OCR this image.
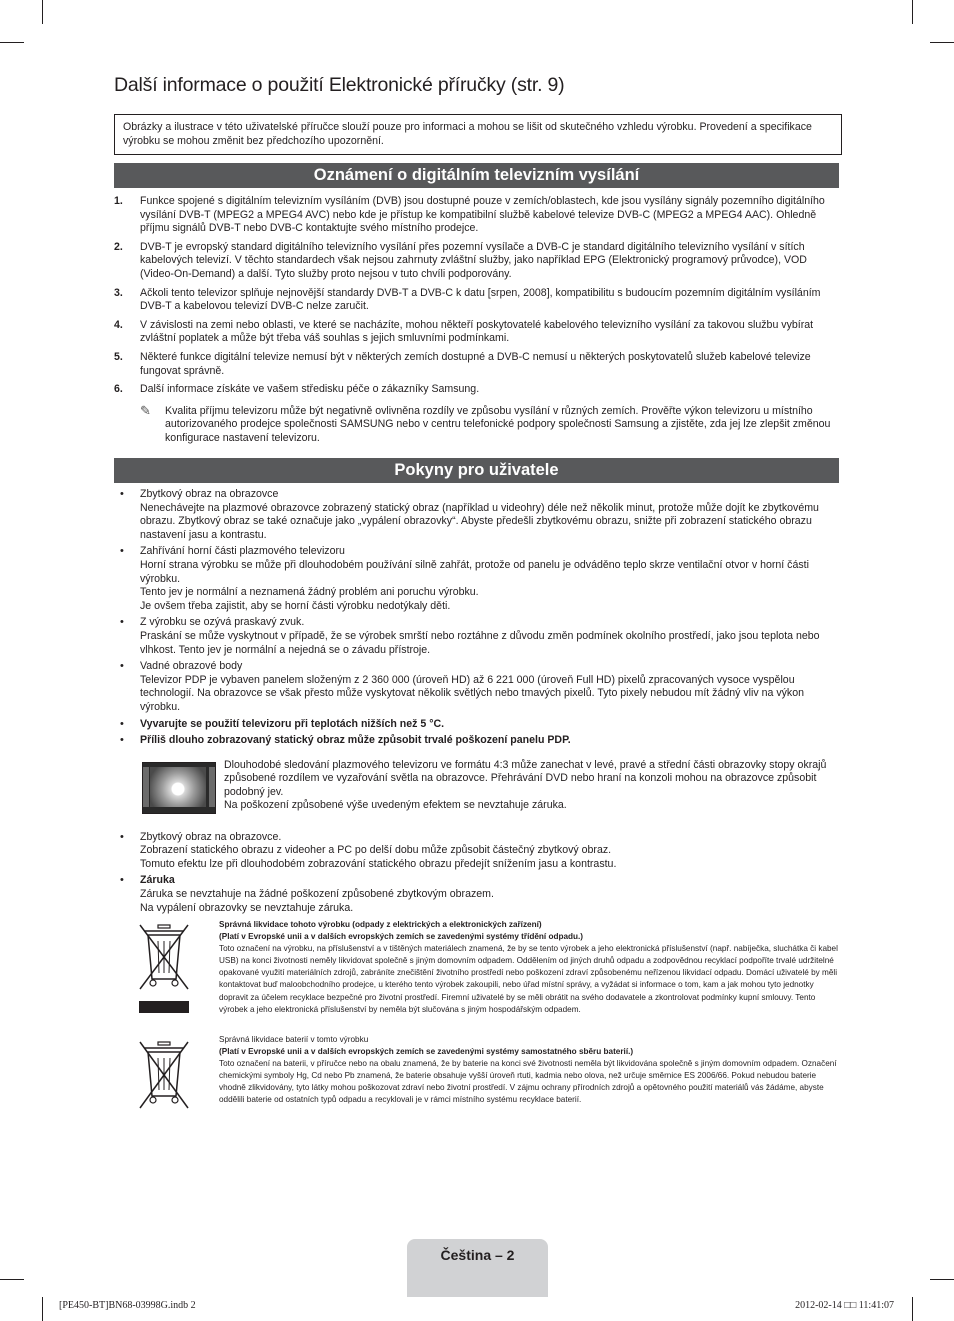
Další informace o použití Elektronické příručky (str. 9)
Obrázky a ilustrace v této uživatelské příručce slouží pouze pro informaci a mohou se lišit od skutečného vzhledu výrobku. Provedení a specifikace výrobku se mohou změnit bez předchozího upozornění.
Oznámení o digitálním televizním vysílání
1. Funkce spojené s digitálním televizním vysíláním (DVB) jsou dostupné pouze v zemích/oblastech, kde jsou vysílány signály pozemního digitálního vysílání DVB-T (MPEG2 a MPEG4 AVC) nebo kde je přístup ke kompatibilní službě kabelové televize DVB-C (MPEG2 a MPEG4 AAC). Ohledně příjmu signálů DVB-T nebo DVB-C kontaktujte svého místního prodejce.
2. DVB-T je evropský standard digitálního televizního vysílání přes pozemní vysílače a DVB-C je standard digitálního televizního vysílání v sítích kabelových televizí. V těchto standardech však nejsou zahrnuty zvláštní služby, jako například EPG (Elektronický programový průvodce), VOD (Video-On-Demand) a další. Tyto služby proto nejsou v tuto chvíli podporovány.
3. Ačkoli tento televizor splňuje nejnovější standardy DVB-T a DVB-C k datu [srpen, 2008], kompatibilitu s budoucím pozemním digitálním vysíláním DVB-T a kabelovou televizí DVB-C nelze zaručit.
4. V závislosti na zemi nebo oblasti, ve které se nacházíte, mohou někteří poskytovatelé kabelového televizního vysílání za takovou službu vybírat zvláštní poplatek a může být třeba váš souhlas s jejich smluvními podmínkami.
5. Některé funkce digitální televize nemusí být v některých zemích dostupné a DVB-C nemusí u některých poskytovatelů služeb kabelové televize fungovat správně.
6. Další informace získáte ve vašem středisku péče o zákazníky Samsung.
✎ Kvalita příjmu televizoru může být negativně ovlivněna rozdíly ve způsobu vysílání v různých zemích. Prověřte výkon televizoru u místního autorizovaného prodejce společnosti SAMSUNG nebo v centru telefonické podpory společnosti Samsung a zjistěte, zda jej lze zlepšit změnou konfigurace nastavení televizoru.
Pokyny pro uživatele
• Zbytkový obraz na obrazovce
Nenechávejte na plazmové obrazovce zobrazený statický obraz (například u videohry) déle než několik minut, protože může dojít ke zbytkovému obrazu. Zbytkový obraz se také označuje jako „vypálení obrazovky“. Abyste předešli zbytkovému obrazu, snižte při zobrazení statického obrazu nastavení jasu a kontrastu.
• Zahřívání horní části plazmového televizoru
Horní strana výrobku se může při dlouhodobém používání silně zahřát, protože od panelu je odváděno teplo skrze ventilační otvor v horní části výrobku.
Tento jev je normální a neznamená žádný problém ani poruchu výrobku.
Je ovšem třeba zajistit, aby se horní části výrobku nedotýkaly děti.
• Z výrobku se ozývá praskavý zvuk.
Praskání se může vyskytnout v případě, že se výrobek smrští nebo roztáhne z důvodu změn podmínek okolního prostředí, jako jsou teplota nebo vlhkost. Tento jev je normální a nejedná se o závadu přístroje.
• Vadné obrazové body
Televizor PDP je vybaven panelem složeným z 2 360 000 (úroveň HD) až 6 221 000 (úroveň Full HD) pixelů zpracovaných vysoce vyspělou technologií. Na obrazovce se však přesto může vyskytovat několik světlých nebo tmavých pixelů. Tyto pixely nebudou mít žádný vliv na výkon výrobku.
• Vyvarujte se použití televizoru při teplotách nižších než 5 °C.
• Příliš dlouho zobrazovaný statický obraz může způsobit trvalé poškození panelu PDP.
Dlouhodobé sledování plazmového televizoru ve formátu 4:3 může zanechat v levé, pravé a střední části obrazovky stopy okrajů způsobené rozdílem ve vyzařování světla na obrazovce. Přehrávání DVD nebo hraní na konzoli mohou na obrazovce způsobit podobný jev.
Na poškození způsobené výše uvedeným efektem se nevztahuje záruka.
• Zbytkový obraz na obrazovce.
Zobrazení statického obrazu z videoher a PC po delší dobu může způsobit částečný zbytkový obraz.
Tomuto efektu lze při dlouhodobém zobrazování statického obrazu předejít snížením jasu a kontrastu.
• Záruka
Záruka se nevztahuje na žádné poškození způsobené zbytkovým obrazem.
Na vypálení obrazovky se nevztahuje záruka.
Správná likvidace tohoto výrobku (odpady z elektrických a elektronických zařízení)
(Platí v Evropské unii a v dalších evropských zemích se zavedenými systémy třídění odpadu.)
Toto označení na výrobku, na příslušenství a v tištěných materiálech znamená, že by se tento výrobek a jeho elektronická příslušenství (např. nabíječka, sluchátka či kabel USB) na konci životnosti neměly likvidovat společně s jiným domovním odpadem. Oddělením od jiných druhů odpadu a zodpovědnou recyklací podpoříte trvalé udržitelné opakované využití materiálních zdrojů, zabráníte znečištění životního prostředí nebo poškození zdraví způsobenému neřízenou likvidací odpadu. Domácí uživatelé by měli kontaktovat buď maloobchodního prodejce, u kterého tento výrobek zakoupili, nebo úřad místní správy, a vyžádat si informace o tom, kam a jak mohou tyto jednotky dopravit za účelem recyklace bezpečné pro životní prostředí. Firemní uživatelé by se měli obrátit na svého dodavatele a zkontrolovat podmínky kupní smlouvy. Tento výrobek a jeho elektronická příslušenství by neměla být slučována s jiným hospodářským odpadem.
Správná likvidace baterií v tomto výrobku
(Platí v Evropské unii a v dalších evropských zemích se zavedenými systémy samostatného sběru baterií.)
Toto označení na baterii, v příručce nebo na obalu znamená, že by baterie na konci své životnosti neměla být likvidována společně s jiným domovním odpadem. Označení chemickými symboly Hg, Cd nebo Pb znamená, že baterie obsahuje vyšší úroveň rtuti, kadmia nebo olova, než určuje směrnice ES 2006/66. Pokud nebudou baterie vhodně zlikvidovány, tyto látky mohou poškozovat zdraví nebo životní prostředí. V zájmu ochrany přírodních zdrojů a opětovného použití materiálů vás žádáme, abyste oddělili baterie od ostatních typů odpadu a recyklovali je v rámci místního systému recyklace baterií.
Čeština – 2
[PE450-BT]BN68-03998G.indb 2	2012-02-14 □□ 11:41:07
